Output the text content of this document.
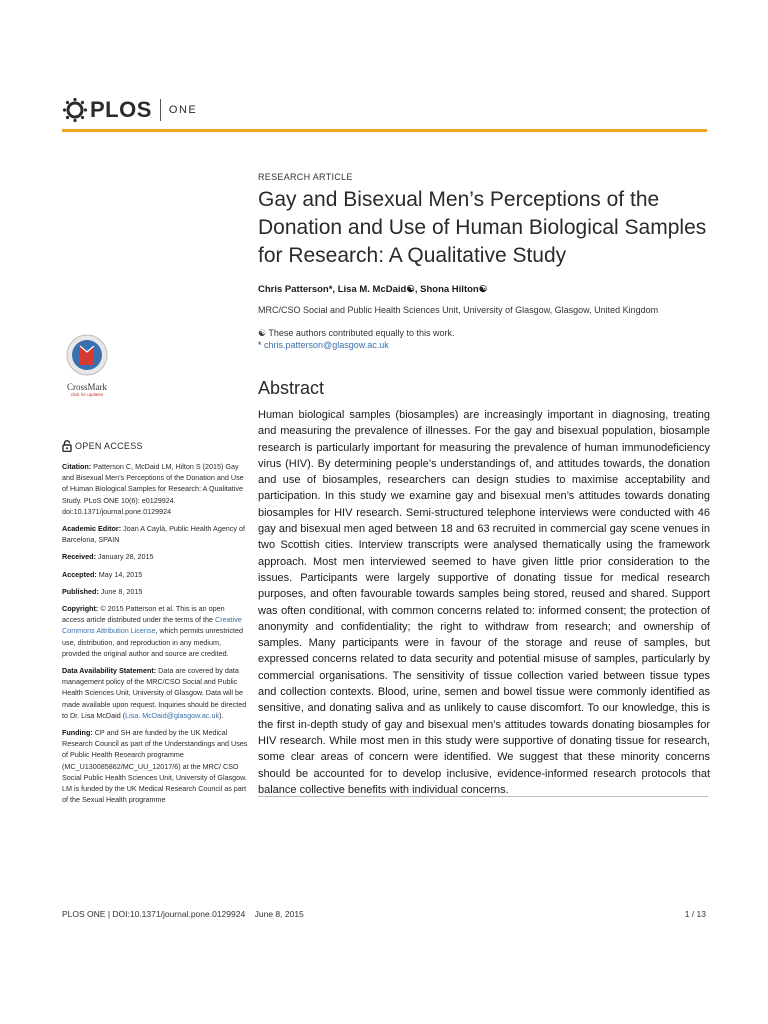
PLOS ONE
RESEARCH ARTICLE
Gay and Bisexual Men’s Perceptions of the Donation and Use of Human Biological Samples for Research: A Qualitative Study
Chris Patterson*, Lisa M. McDaid☯, Shona Hilton☯
MRC/CSO Social and Public Health Sciences Unit, University of Glasgow, Glasgow, United Kingdom
☯ These authors contributed equally to this work.
* chris.patterson@glasgow.ac.uk
Abstract
Human biological samples (biosamples) are increasingly important in diagnosing, treating and measuring the prevalence of illnesses. For the gay and bisexual population, biosample research is particularly important for measuring the prevalence of human immunodeficiency virus (HIV). By determining people’s understandings of, and attitudes towards, the donation and use of biosamples, researchers can design studies to maximise acceptability and participation. In this study we examine gay and bisexual men’s attitudes towards donating biosamples for HIV research. Semi-structured telephone interviews were conducted with 46 gay and bisexual men aged between 18 and 63 recruited in commercial gay scene venues in two Scottish cities. Interview transcripts were analysed thematically using the framework approach. Most men interviewed seemed to have given little prior consideration to the issues. Participants were largely supportive of donating tissue for medical research purposes, and often favourable towards samples being stored, reused and shared. Support was often conditional, with common concerns related to: informed consent; the protection of anonymity and confidentiality; the right to withdraw from research; and ownership of samples. Many participants were in favour of the storage and reuse of samples, but expressed concerns related to data security and potential misuse of samples, particularly by commercial organisations. The sensitivity of tissue collection varied between tissue types and collection contexts. Blood, urine, semen and bowel tissue were commonly identified as sensitive, and donating saliva and as unlikely to cause discomfort. To our knowledge, this is the first in-depth study of gay and bisexual men’s attitudes towards donating biosamples for HIV research. While most men in this study were supportive of donating tissue for research, some clear areas of concern were identified. We suggest that these minority concerns should be accounted for to develop inclusive, evidence-informed research protocols that balance collective benefits with individual concerns.
CrossMark
click for updates
OPEN ACCESS
Citation: Patterson C, McDaid LM, Hilton S (2015) Gay and Bisexual Men’s Perceptions of the Donation and Use of Human Biological Samples for Research: A Qualitative Study. PLoS ONE 10(6): e0129924. doi:10.1371/journal.pone.0129924
Academic Editor: Joan A Caylà, Public Health Agency of Barcelona, SPAIN
Received: January 28, 2015
Accepted: May 14, 2015
Published: June 8, 2015
Copyright: © 2015 Patterson et al. This is an open access article distributed under the terms of the Creative Commons Attribution License, which permits unrestricted use, distribution, and reproduction in any medium, provided the original author and source are credited.
Data Availability Statement: Data are covered by data management policy of the MRC/CSO Social and Public Health Sciences Unit, University of Glasgow. Data will be made available upon request. Inquiries should be directed to Dr. Lisa McDaid (Lisa. McDaid@glasgow.ac.uk).
Funding: CP and SH are funded by the UK Medical Research Council as part of the Understandings and Uses of Public Health Research programme (MC_U130085862/MC_UU_12017/6) at the MRC/ CSO Social Public Health Sciences Unit, University of Glasgow. LM is funded by the UK Medical Research Council as part of the Sexual Health programme
PLOS ONE | DOI:10.1371/journal.pone.0129924    June 8, 2015	1 / 13
